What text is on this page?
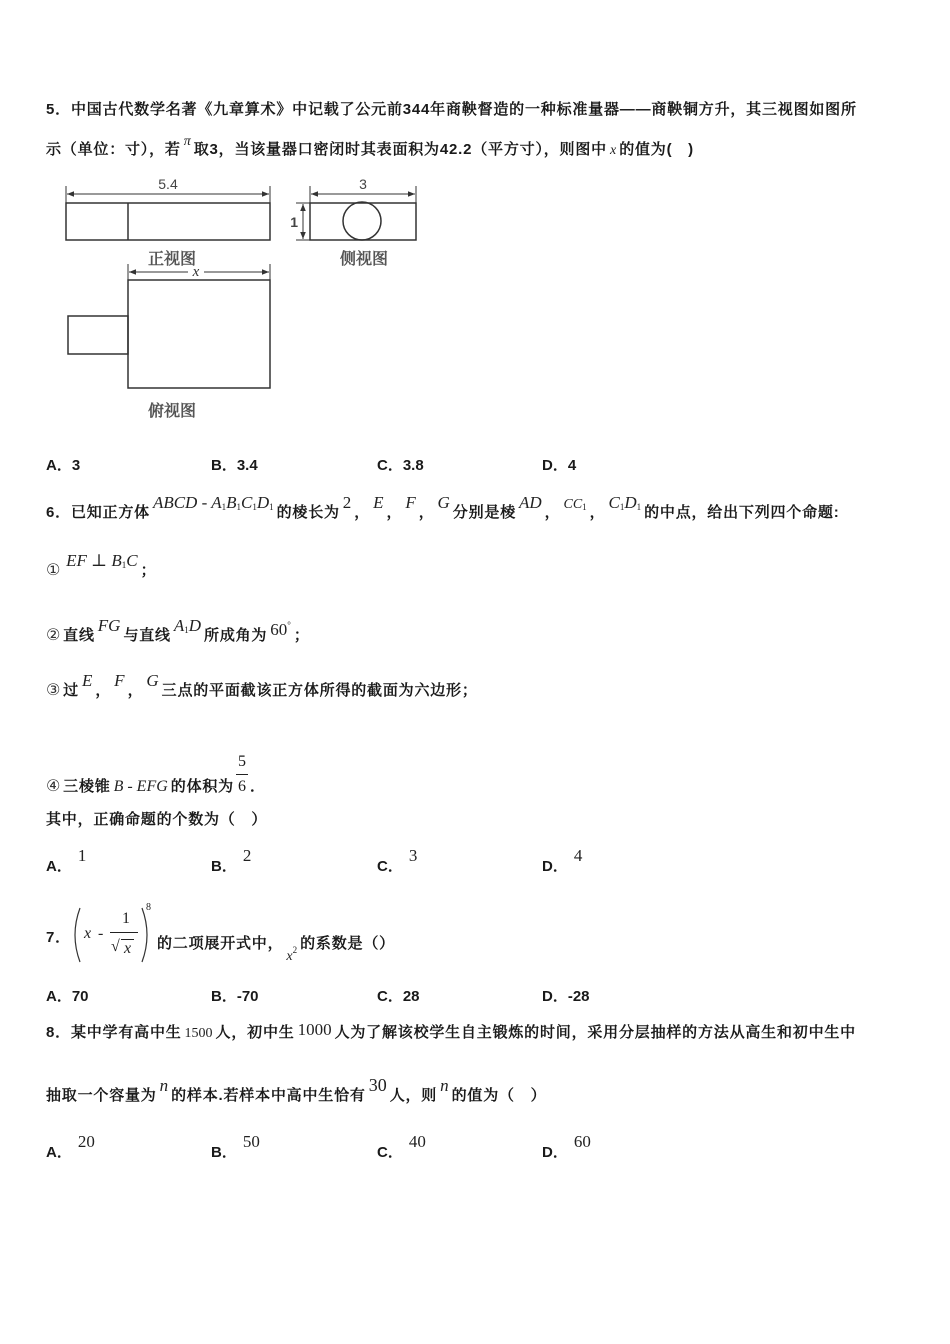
5．中国古代数学名著《九章算术》中记载了公元前344年商鞅督造的一种标准量器——商鞅铜方升，其三视图如图所
示（单位：寸），若 π 取3，当该量器口密闭时其表面积为42.2（平方寸），则图中 x 的值为(　)
5.4
正视图
3
1
侧视图
x
俯视图
A．3	B．3.4	C．3.8	D．4
6．已知正方体ABCD - $A_1B_1C_1D_1$ 的棱长为2，E，F，G分别是棱AD， $CC_1$ ，$C_1D_1$ 的中点，给出下列四个命题:
①EF ⊥ $B_1C$；
② 直线FG与直线$A_1D$所成角为 60°；
③ 过E，F，G三点的平面截该正方体所得的截面为六边形；
④ 三棱锥 B - EFG 的体积为 $\frac{5}{6}$ ．
其中，正确命题的个数为（　）
A．1
B．2
C．3
D．4
7． x -
1
√ x
8
的二项展开式中，$x^2$ 的系数是（）
A．70	B．-70	C．28	D．-28
8．某中学有高中生 1500 人，初中生 1000 人为了解该校学生自主锻炼的时间，采用分层抽样的方法从高生和初中生中
抽取一个容量为n的样本.若样本中高中生恰有30人，则n的值为（　）
A．20
B．50
C．40
D．60
